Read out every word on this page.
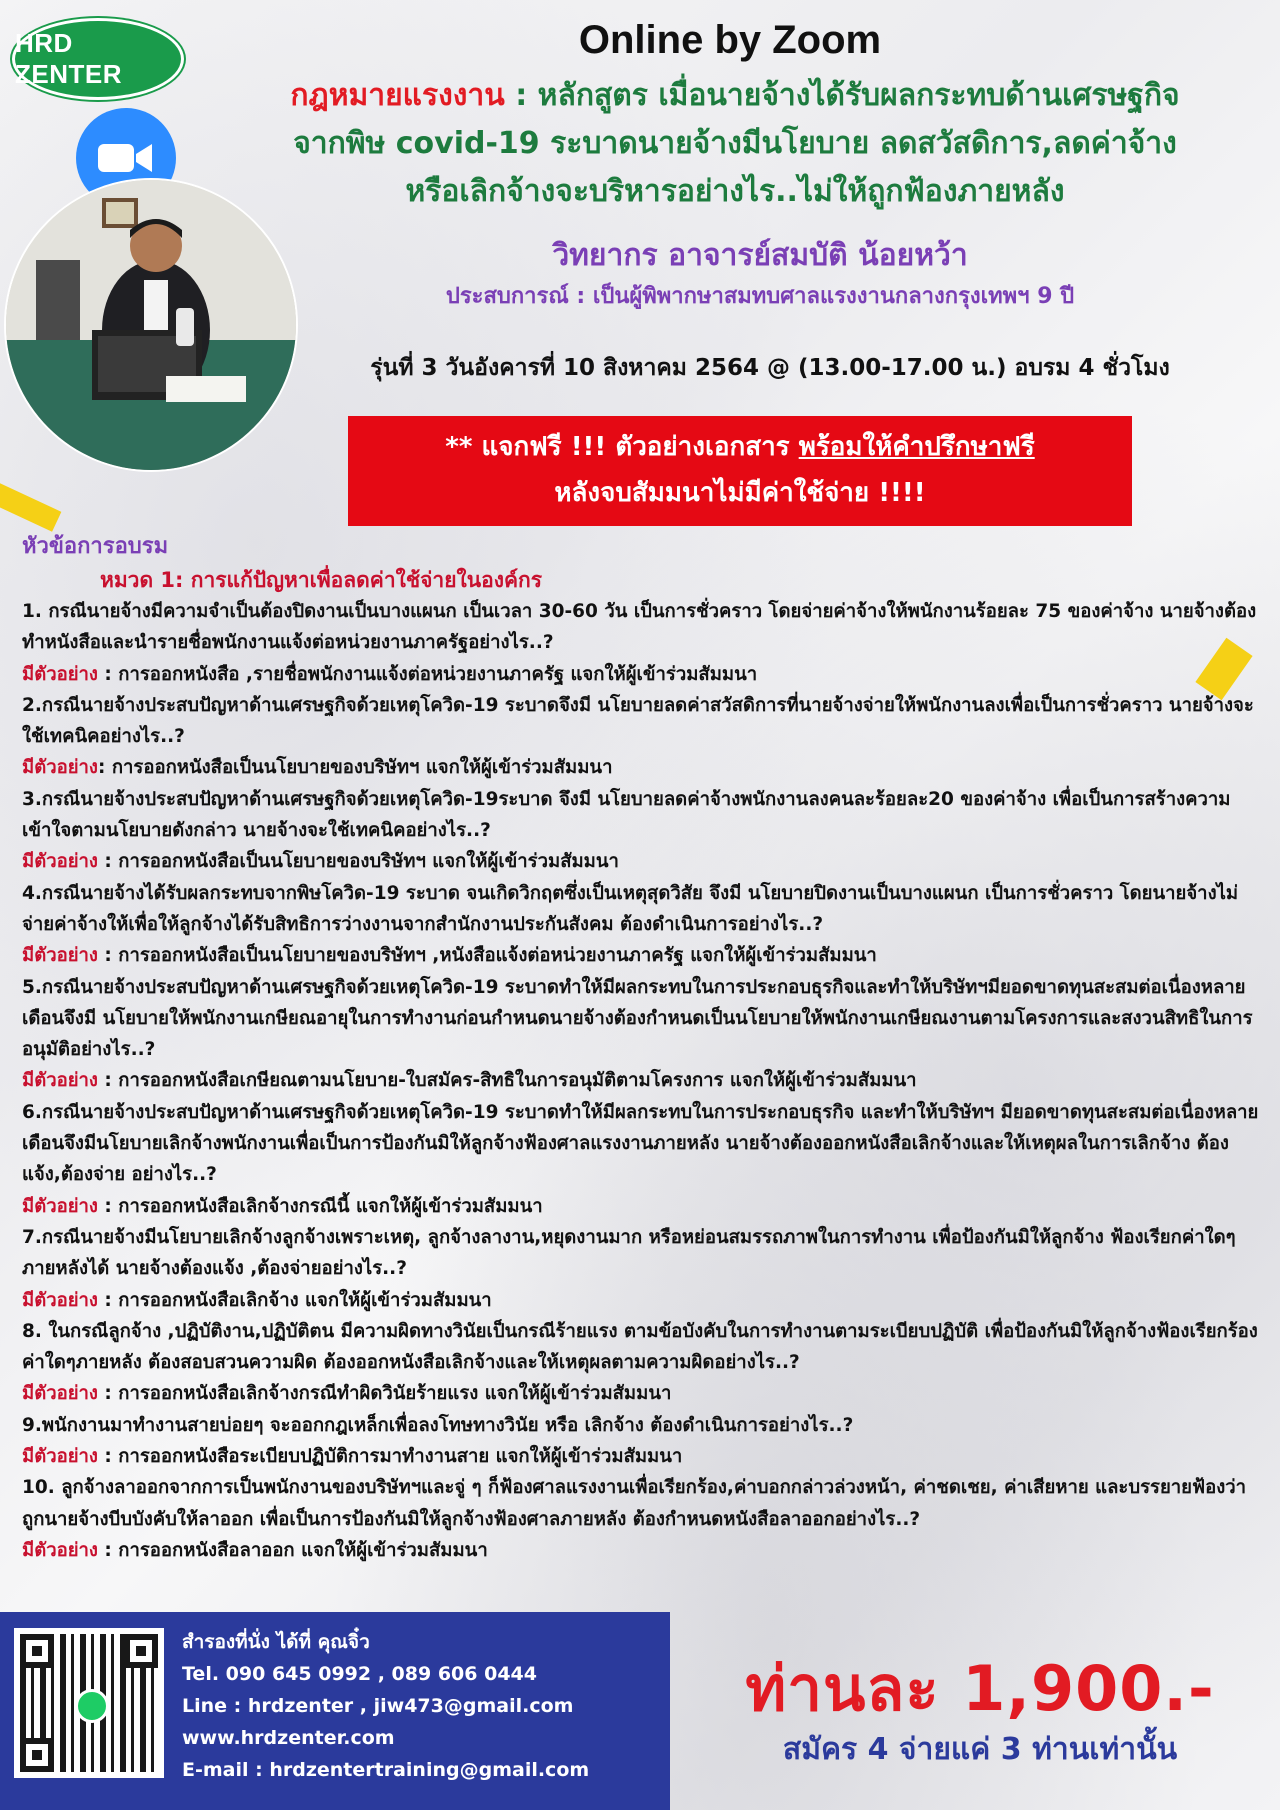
HRD ZENTER
Online by Zoom
กฎหมายแรงงาน : หลักสูตร เมื่อนายจ้างได้รับผลกระทบด้านเศรษฐกิจ
จากพิษ covid-19 ระบาดนายจ้างมีนโยบาย ลดสวัสดิการ,ลดค่าจ้าง
หรือเลิกจ้างจะบริหารอย่างไร..ไม่ให้ถูกฟ้องภายหลัง
วิทยากร อาจารย์สมบัติ น้อยหว้า
ประสบการณ์ : เป็นผู้พิพากษาสมทบศาลแรงงานกลางกรุงเทพฯ 9 ปี
รุ่นที่ 3 วันอังคารที่ 10 สิงหาคม 2564 @ (13.00-17.00 น.) อบรม 4 ชั่วโมง
** แจกฟรี !!! ตัวอย่างเอกสาร พร้อมให้คำปรึกษาฟรี
หลังจบสัมมนาไม่มีค่าใช้จ่าย !!!!
หัวข้อการอบรม
หมวด 1: การแก้ปัญหาเพื่อลดค่าใช้จ่ายในองค์กร

1. กรณีนายจ้างมีความจำเป็นต้องปิดงานเป็นบางแผนก เป็นเวลา 30-60 วัน เป็นการชั่วคราว โดยจ่ายค่าจ้างให้พนักงานร้อยละ 75 ของค่าจ้าง นายจ้างต้องทำหนังสือและนำรายชื่อพนักงานแจ้งต่อหน่วยงานภาครัฐอย่างไร..?

มีตัวอย่าง : การออกหนังสือ ,รายชื่อพนักงานแจ้งต่อหน่วยงานภาครัฐ แจกให้ผู้เข้าร่วมสัมมนา

2.กรณีนายจ้างประสบปัญหาด้านเศรษฐกิจด้วยเหตุโควิด-19 ระบาดจึงมี นโยบายลดค่าสวัสดิการที่นายจ้างจ่ายให้พนักงานลงเพื่อเป็นการชั่วคราว นายจ้างจะใช้เทคนิคอย่างไร..?

มีตัวอย่าง: การออกหนังสือเป็นนโยบายของบริษัทฯ แจกให้ผู้เข้าร่วมสัมมนา

3.กรณีนายจ้างประสบปัญหาด้านเศรษฐกิจด้วยเหตุโควิด-19ระบาด จึงมี นโยบายลดค่าจ้างพนักงานลงคนละร้อยละ20 ของค่าจ้าง เพื่อเป็นการสร้างความเข้าใจตามนโยบายดังกล่าว นายจ้างจะใช้เทคนิคอย่างไร..?

มีตัวอย่าง : การออกหนังสือเป็นนโยบายของบริษัทฯ แจกให้ผู้เข้าร่วมสัมมนา

4.กรณีนายจ้างได้รับผลกระทบจากพิษโควิด-19 ระบาด จนเกิดวิกฤตซึ่งเป็นเหตุสุดวิสัย จึงมี นโยบายปิดงานเป็นบางแผนก เป็นการชั่วคราว โดยนายจ้างไม่จ่ายค่าจ้างให้เพื่อให้ลูกจ้างได้รับสิทธิการว่างงานจากสำนักงานประกันสังคม ต้องดำเนินการอย่างไร..?

มีตัวอย่าง : การออกหนังสือเป็นนโยบายของบริษัทฯ ,หนังสือแจ้งต่อหน่วยงานภาครัฐ แจกให้ผู้เข้าร่วมสัมมนา

5.กรณีนายจ้างประสบปัญหาด้านเศรษฐกิจด้วยเหตุโควิด-19 ระบาดทำให้มีผลกระทบในการประกอบธุรกิจและทำให้บริษัทฯมียอดขาดทุนสะสมต่อเนื่องหลายเดือนจึงมี นโยบายให้พนักงานเกษียณอายุในการทำงานก่อนกำหนดนายจ้างต้องกำหนดเป็นนโยบายให้พนักงานเกษียณงานตามโครงการและสงวนสิทธิในการอนุมัติอย่างไร..?

มีตัวอย่าง : การออกหนังสือเกษียณตามนโยบาย-ใบสมัคร-สิทธิในการอนุมัติตามโครงการ แจกให้ผู้เข้าร่วมสัมมนา

6.กรณีนายจ้างประสบปัญหาด้านเศรษฐกิจด้วยเหตุโควิด-19 ระบาดทำให้มีผลกระทบในการประกอบธุรกิจ และทำให้บริษัทฯ มียอดขาดทุนสะสมต่อเนื่องหลายเดือนจึงมีนโยบายเลิกจ้างพนักงานเพื่อเป็นการป้องกันมิให้ลูกจ้างฟ้องศาลแรงงานภายหลัง นายจ้างต้องออกหนังสือเลิกจ้างและให้เหตุผลในการเลิกจ้าง ต้องแจ้ง,ต้องจ่าย อย่างไร..?

มีตัวอย่าง : การออกหนังสือเลิกจ้างกรณีนี้ แจกให้ผู้เข้าร่วมสัมมนา

7.กรณีนายจ้างมีนโยบายเลิกจ้างลูกจ้างเพราะเหตุ, ลูกจ้างลางาน,หยุดงานมาก หรือหย่อนสมรรถภาพในการทำงาน เพื่อป้องกันมิให้ลูกจ้าง ฟ้องเรียกค่าใดๆภายหลังได้ นายจ้างต้องแจ้ง ,ต้องจ่ายอย่างไร..?

มีตัวอย่าง : การออกหนังสือเลิกจ้าง แจกให้ผู้เข้าร่วมสัมมนา

8. ในกรณีลูกจ้าง ,ปฏิบัติงาน,ปฏิบัติตน มีความผิดทางวินัยเป็นกรณีร้ายแรง ตามข้อบังคับในการทำงานตามระเบียบปฏิบัติ เพื่อป้องกันมิให้ลูกจ้างฟ้องเรียกร้องค่าใดๆภายหลัง ต้องสอบสวนความผิด ต้องออกหนังสือเลิกจ้างและให้เหตุผลตามความผิดอย่างไร..?

มีตัวอย่าง : การออกหนังสือเลิกจ้างกรณีทำผิดวินัยร้ายแรง แจกให้ผู้เข้าร่วมสัมมนา

9.พนักงานมาทำงานสายบ่อยๆ จะออกกฎเหล็กเพื่อลงโทษทางวินัย หรือ เลิกจ้าง ต้องดำเนินการอย่างไร..?

มีตัวอย่าง : การออกหนังสือระเบียบปฏิบัติการมาทำงานสาย แจกให้ผู้เข้าร่วมสัมมนา

10. ลูกจ้างลาออกจากการเป็นพนักงานของบริษัทฯและจู่ ๆ ก็ฟ้องศาลแรงงานเพื่อเรียกร้อง,ค่าบอกกล่าวล่วงหน้า, ค่าชดเชย, ค่าเสียหาย และบรรยายฟ้องว่าถูกนายจ้างบีบบังคับให้ลาออก เพื่อเป็นการป้องกันมิให้ลูกจ้างฟ้องศาลภายหลัง ต้องกำหนดหนังสือลาออกอย่างไร..?

มีตัวอย่าง : การออกหนังสือลาออก แจกให้ผู้เข้าร่วมสัมมนา

สำรองที่นั่ง ได้ที่ คุณจิ๋ว
Tel. 090 645 0992 , 089 606 0444
Line : hrdzenter , jiw473@gmail.com
www.hrdzenter.com
E-mail : hrdzentertraining@gmail.com
ท่านละ 1,900.-
สมัคร 4 จ่ายแค่ 3 ท่านเท่านั้น
